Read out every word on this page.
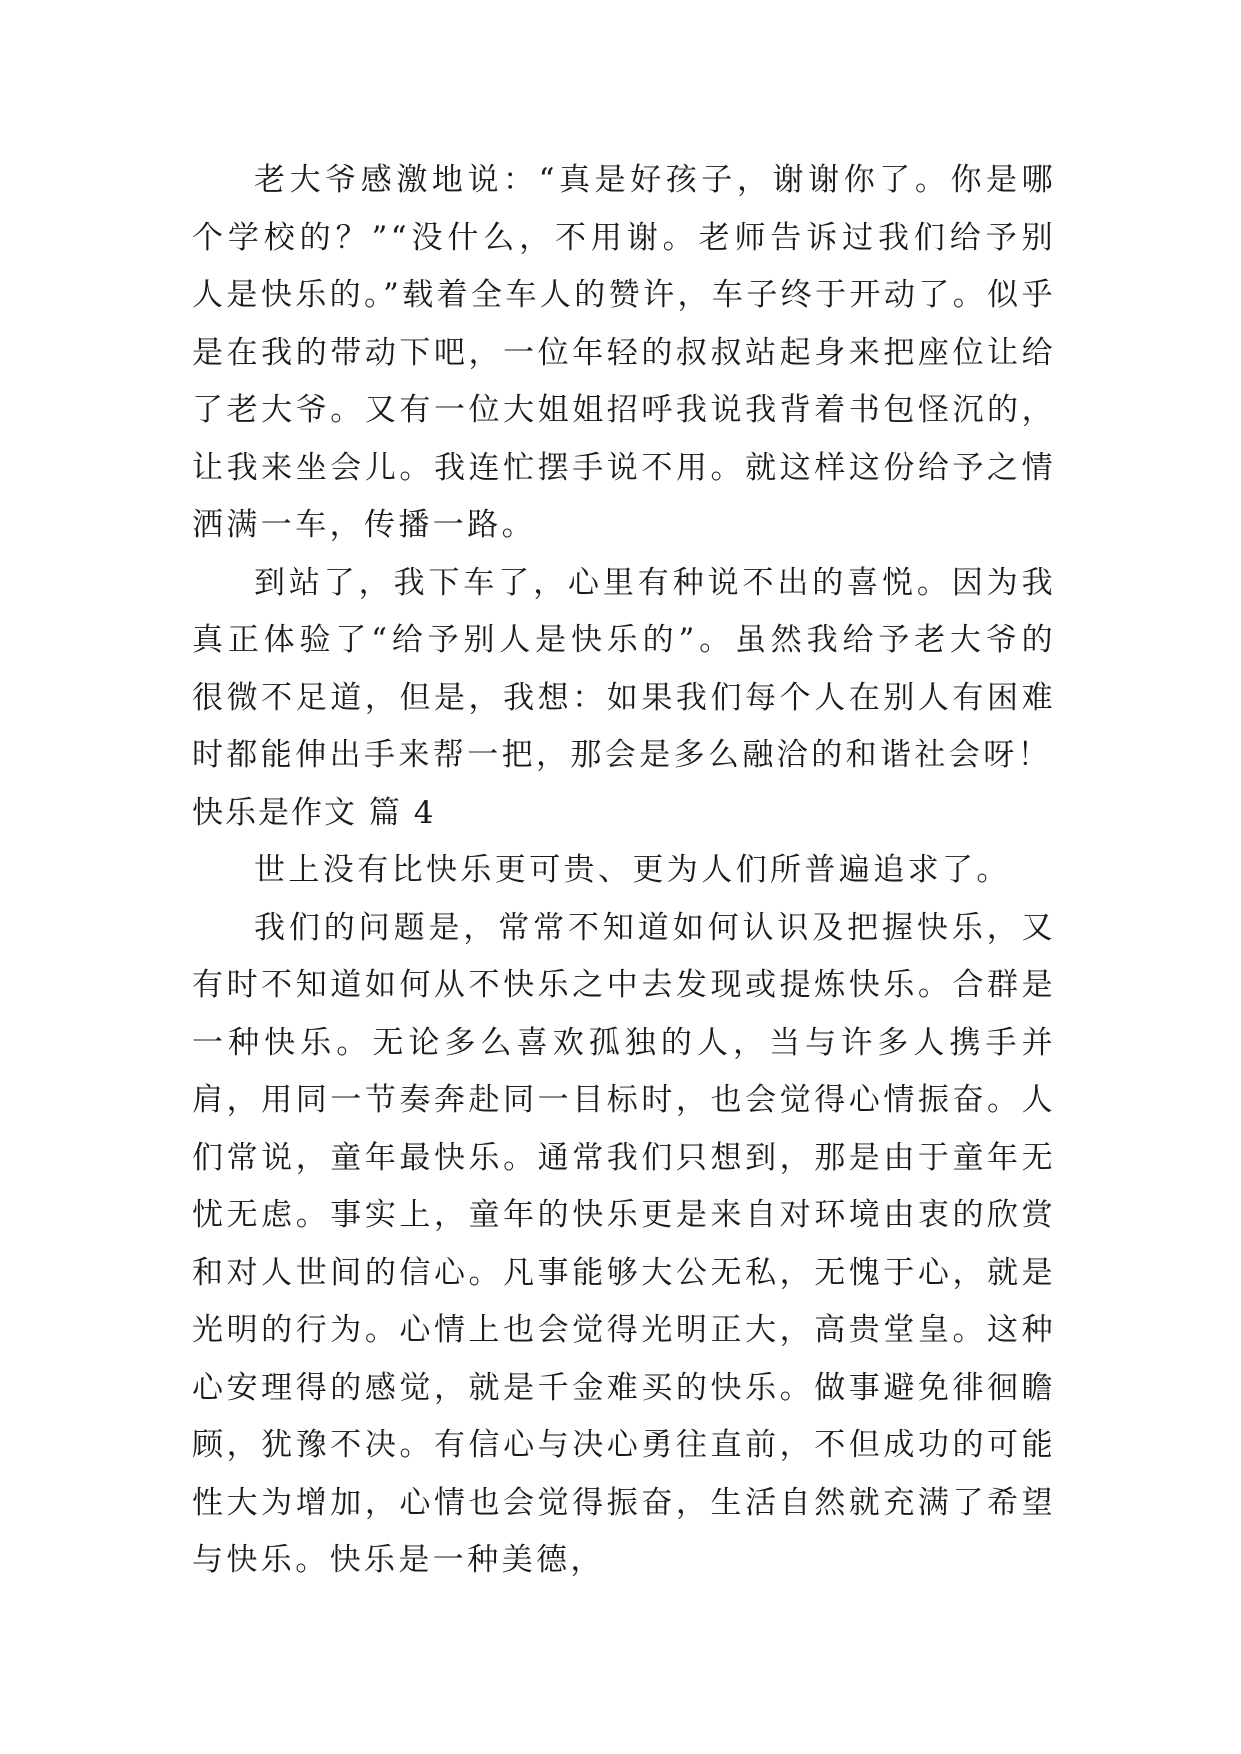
老大爷感激地说：“真是好孩子，谢谢你了。你是哪个学校的？”“没什么，不用谢。老师告诉过我们给予别人是快乐的。”载着全车人的赞许，车子终于开动了。似乎是在我的带动下吧，一位年轻的叔叔站起身来把座位让给了老大爷。又有一位大姐姐招呼我说我背着书包怪沉的，让我来坐会儿。我连忙摆手说不用。就这样这份给予之情洒满一车，传播一路。

到站了，我下车了，心里有种说不出的喜悦。因为我真正体验了“给予别人是快乐的”。虽然我给予老大爷的很微不足道，但是，我想：如果我们每个人在别人有困难时都能伸出手来帮一把，那会是多么融洽的和谐社会呀！

快乐是作文 篇 4

世上没有比快乐更可贵、更为人们所普遍追求了。

我们的问题是，常常不知道如何认识及把握快乐，又有时不知道如何从不快乐之中去发现或提炼快乐。合群是一种快乐。无论多么喜欢孤独的人，当与许多人携手并肩，用同一节奏奔赴同一目标时，也会觉得心情振奋。人们常说，童年最快乐。通常我们只想到，那是由于童年无忧无虑。事实上，童年的快乐更是来自对环境由衷的欣赏和对人世间的信心。凡事能够大公无私，无愧于心，就是光明的行为。心情上也会觉得光明正大，高贵堂皇。这种心安理得的感觉，就是千金难买的快乐。做事避免徘徊瞻顾，犹豫不决。有信心与决心勇往直前，不但成功的可能性大为增加，心情也会觉得振奋，生活自然就充满了希望与快乐。快乐是一种美德，
